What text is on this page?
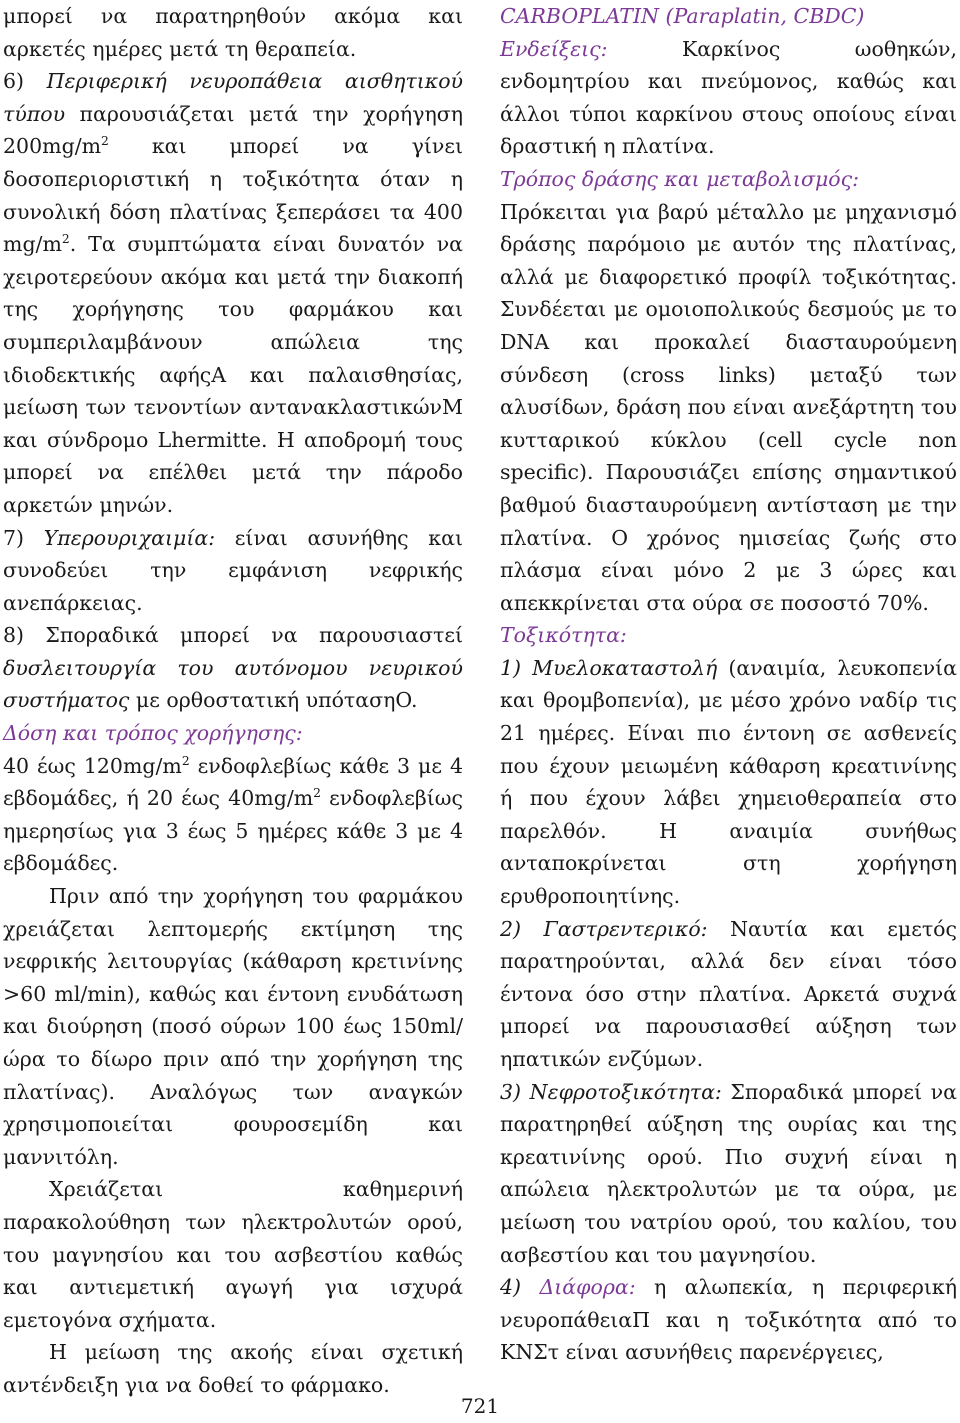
μπορεί να παρατηρηθούν ακόμα και αρκετές ημέρες μετά τη θεραπεία.

6) Περιφερική νευροπάθεια αισθητικού τύπου παρουσιάζεται μετά την χορήγηση $200mg/m^2$ και μπορεί να γίνει δοσοπεριοριστική η τοξικότητα όταν η συνολική δόση πλατίνας ξεπεράσει τα 400 $mg/m^2$. Τα συμπτώματα είναι δυνατόν να χειροτερεύουν ακόμα και μετά την διακοπή της χορήγησης του φαρμάκου και συμπεριλαμβάνουν απώλεια της ιδιοδεκτικής αφήςA και παλαισθησίας, μείωση των τενοντίων αντανακλαστικώνM και σύνδρομο Lhermitte. Η αποδρομή τους μπορεί να επέλθει μετά την πάροδο αρκετών μηνών.

7) Υπερουριχαιμία: είναι ασυνήθης και συνοδεύει την εμφάνιση νεφρικής ανεπάρκειας.

8) Σποραδικά μπορεί να παρουσιαστεί δυσλειτουργία του αυτόνομου νευρικού συστήματος με ορθοστατική υπότασηO.

Δόση και τρόπος χορήγησης:

40 έως $120mg/m^2$ ενδοφλεβίως κάθε 3 με 4 εβδομάδες, ή 20 έως $40mg/m^2$ ενδοφλεβίως ημερησίως για 3 έως 5 ημέρες κάθε 3 με 4 εβδομάδες.

Πριν από την χορήγηση του φαρμάκου χρειάζεται λεπτομερής εκτίμηση της νεφρικής λειτουργίας (κάθαρση κρετινίνης >60 ml/min), καθώς και έντονη ενυδάτωση και διούρηση (ποσό ούρων 100 έως 150ml/ώρα το δίωρο πριν από την χορήγηση της πλατίνας). Αναλόγως των αναγκών χρησιμοποιείται φουροσεμίδη και μαννιτόλη.

Χρειάζεται καθημερινή παρακολούθηση των ηλεκτρολυτών ορού, του μαγνησίου και του ασβεστίου καθώς και αντιεμετική αγωγή για ισχυρά εμετογόνα σχήματα.

Η μείωση της ακοής είναι σχετική αντένδειξη για να δοθεί το φάρμακο.

CARBOPLATIN (Paraplatin, CBDC)

Ενδείξεις: Καρκίνος ωοθηκών, ενδομητρίου και πνεύμονος, καθώς και άλλοι τύποι καρκίνου στους οποίους είναι δραστική η πλατίνα.

Τρόπος δράσης και μεταβολισμός:

Πρόκειται για βαρύ μέταλλο με μηχανισμό δράσης παρόμοιο με αυτόν της πλατίνας, αλλά με διαφορετικό προφίλ τοξικότητας. Συνδέεται με ομοιοπολικούς δεσμούς με το DNA και προκαλεί διασταυρούμενη σύνδεση (cross links) μεταξύ των αλυσίδων, δράση που είναι ανεξάρτητη του κυτταρικού κύκλου (cell cycle non specific). Παρουσιάζει επίσης σημαντικού βαθμού διασταυρούμενη αντίσταση με την πλατίνα. Ο χρόνος ημισείας ζωής στο πλάσμα είναι μόνο 2 με 3 ώρες και απεκκρίνεται στα ούρα σε ποσοστό 70%.

Τοξικότητα:

1) Μυελοκαταστολή (αναιμία, λευκοπενία και θρομβοπενία), με μέσο χρόνο ναδίρ τις 21 ημέρες. Είναι πιο έντονη σε ασθενείς που έχουν μειωμένη κάθαρση κρεατινίνης ή που έχουν λάβει χημειοθεραπεία στο παρελθόν. Η αναιμία συνήθως ανταποκρίνεται στη χορήγηση ερυθροποιητίνης.

2) Γαστρεντερικό: Ναυτία και εμετός παρατηρούνται, αλλά δεν είναι τόσο έντονα όσο στην πλατίνα. Αρκετά συχνά μπορεί να παρουσιασθεί αύξηση των ηπατικών ενζύμων.

3) Νεφροτοξικότητα: Σποραδικά μπορεί να παρατηρηθεί αύξηση της ουρίας και της κρεατινίνης ορού. Πιο συχνή είναι η απώλεια ηλεκτρολυτών με τα ούρα, με μείωση του νατρίου ορού, του καλίου, του ασβεστίου και του μαγνησίου.

4) Διάφορα: η αλωπεκία, η περιφερική νευροπάθειαΠ και η τοξικότητα από το ΚΝΣτ είναι ασυνήθεις παρενέργειες,

721
